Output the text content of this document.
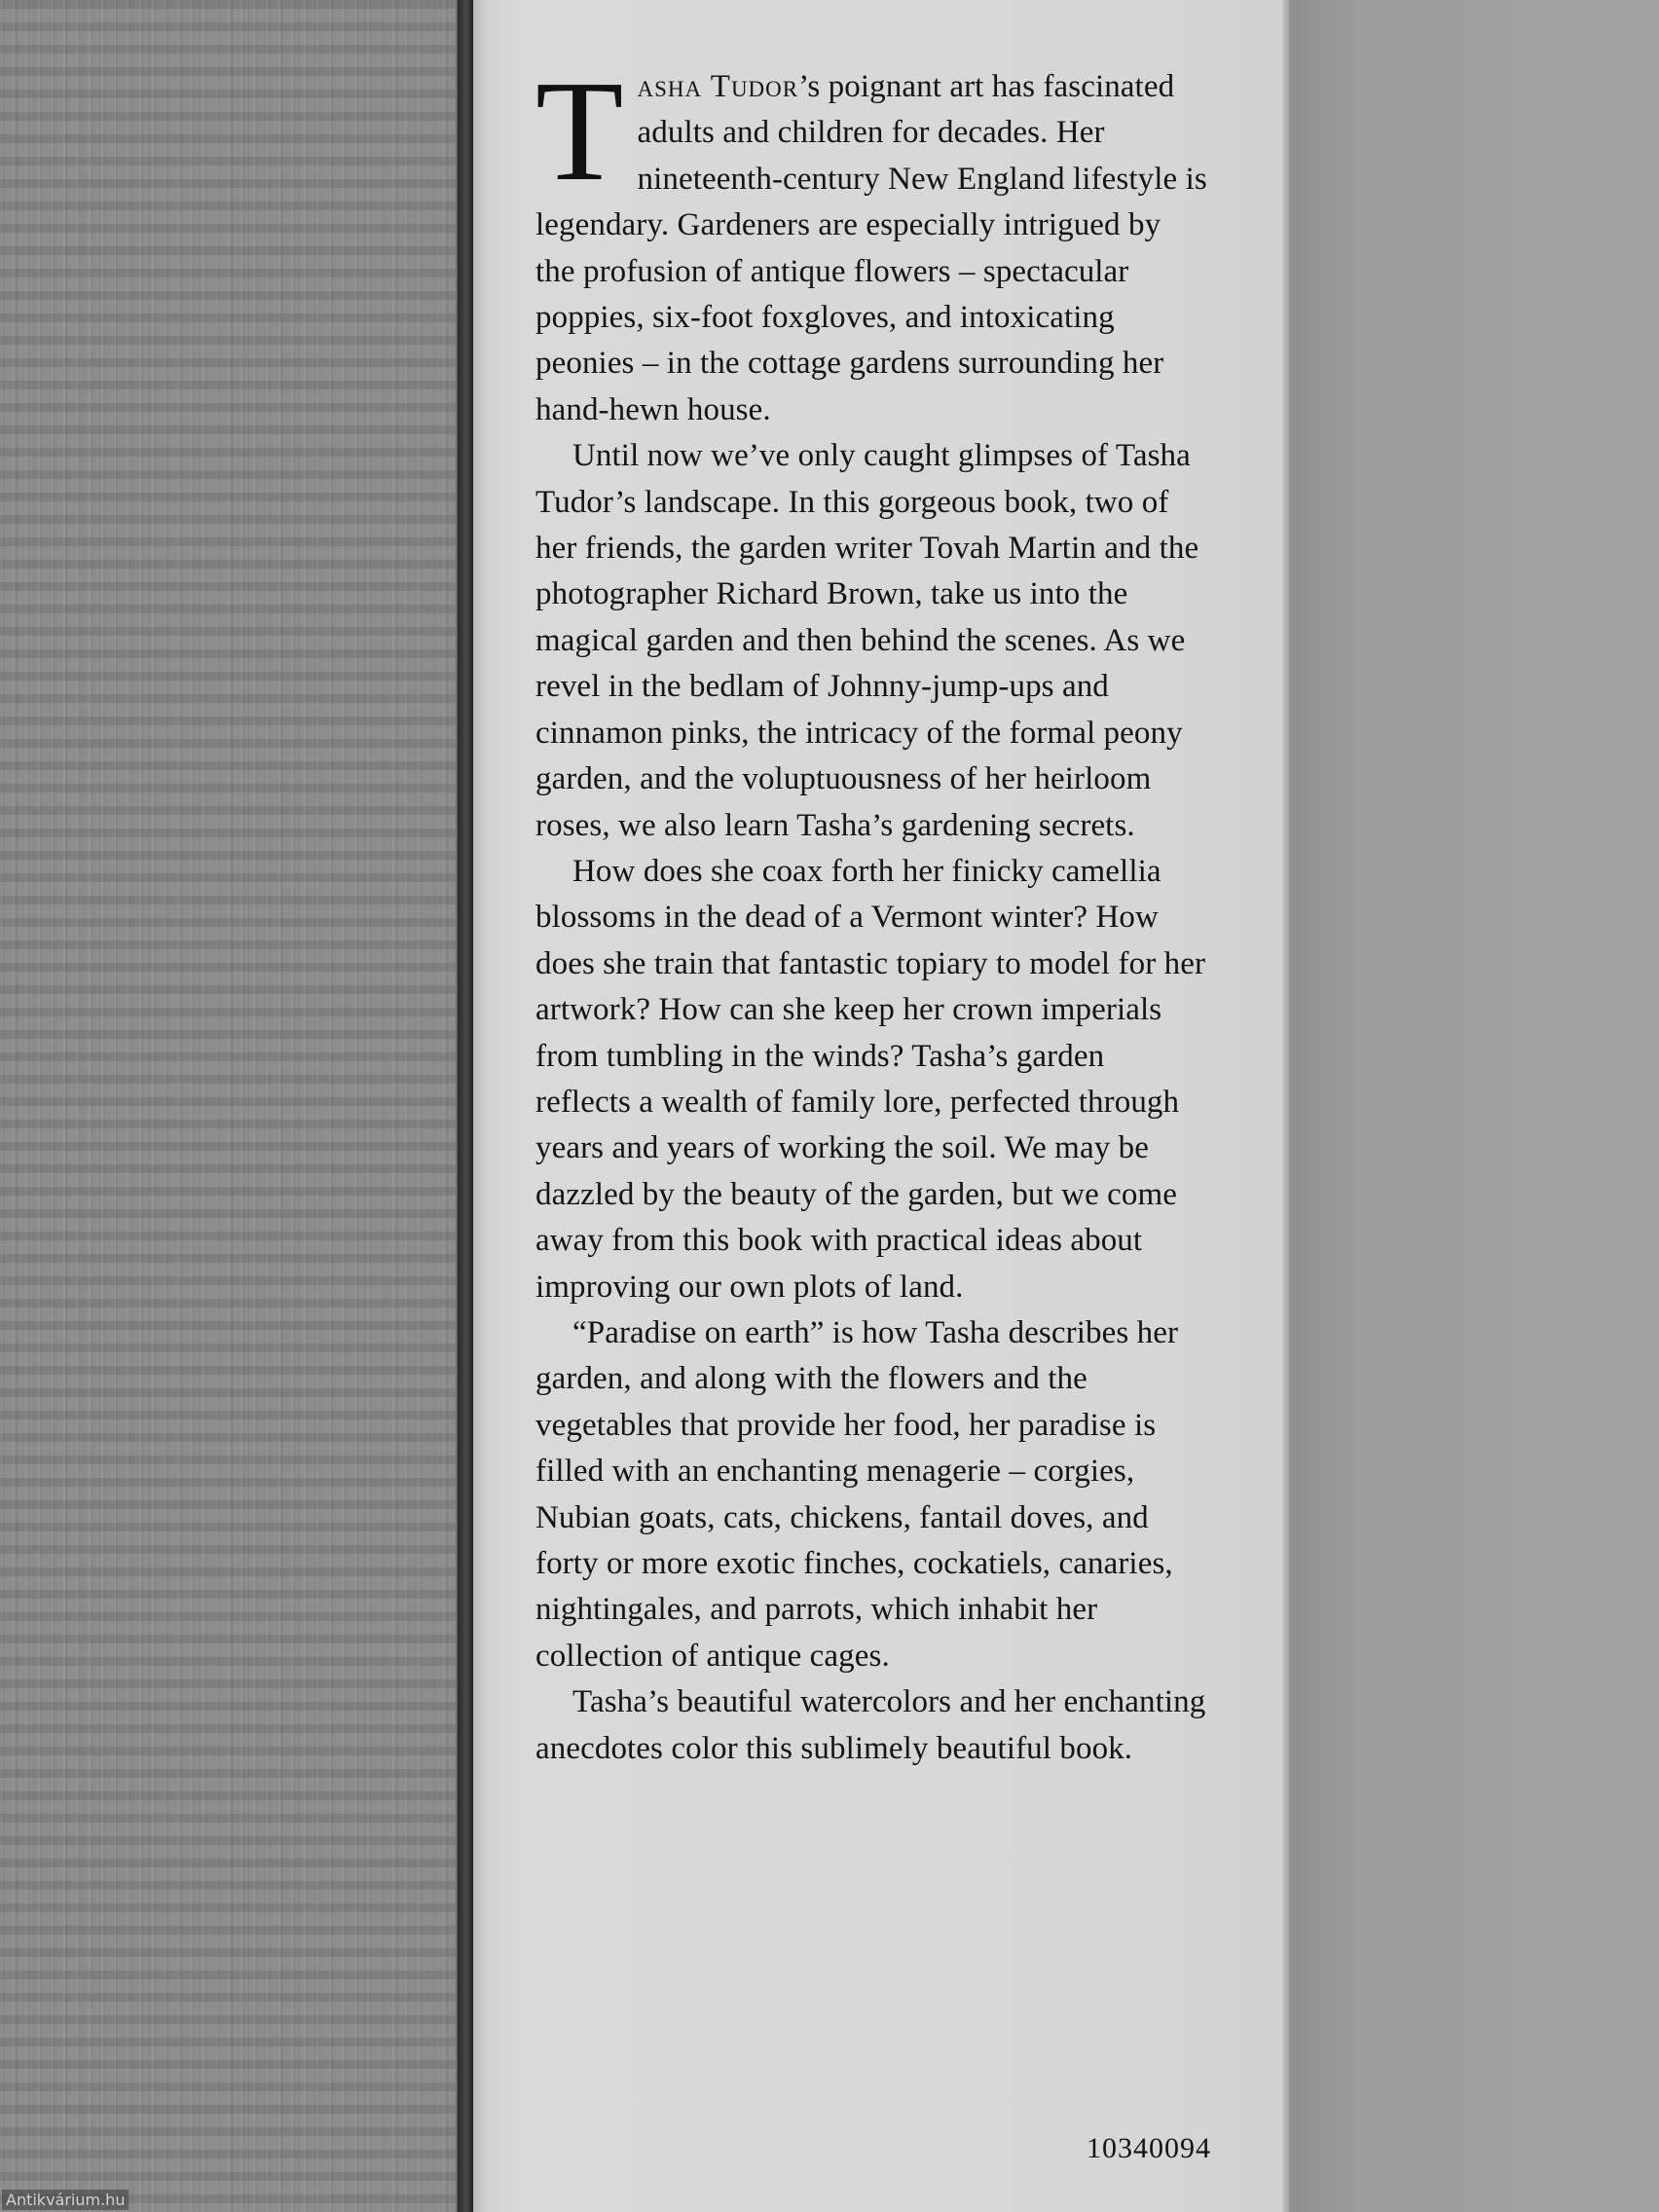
Tasha Tudor’s poignant art has fascinated adults and children for decades. Her nineteenth-century New England lifestyle is legendary. Gardeners are especially intrigued by the profusion of antique flowers – spectacular poppies, six-foot foxgloves, and intoxicating peonies – in the cottage gardens surrounding her hand-hewn house.

Until now we’ve only caught glimpses of Tasha Tudor’s landscape. In this gorgeous book, two of her friends, the garden writer Tovah Martin and the photographer Richard Brown, take us into the magical garden and then behind the scenes. As we revel in the bedlam of Johnny-jump-ups and cinnamon pinks, the intricacy of the formal peony garden, and the voluptuousness of her heirloom roses, we also learn Tasha’s gardening secrets.

How does she coax forth her finicky camellia blossoms in the dead of a Vermont winter? How does she train that fantastic topiary to model for her artwork? How can she keep her crown imperials from tumbling in the winds? Tasha’s garden reflects a wealth of family lore, perfected through years and years of working the soil. We may be dazzled by the beauty of the garden, but we come away from this book with practical ideas about improving our own plots of land.

“Paradise on earth” is how Tasha describes her garden, and along with the flowers and the vegetables that provide her food, her paradise is filled with an enchanting menagerie – corgies, Nubian goats, cats, chickens, fantail doves, and forty or more exotic finches, cockatiels, canaries, nightingales, and parrots, which inhabit her collection of antique cages.

Tasha’s beautiful watercolors and her enchanting anecdotes color this sublimely beautiful book.

10340094
Antikvárium.hu
